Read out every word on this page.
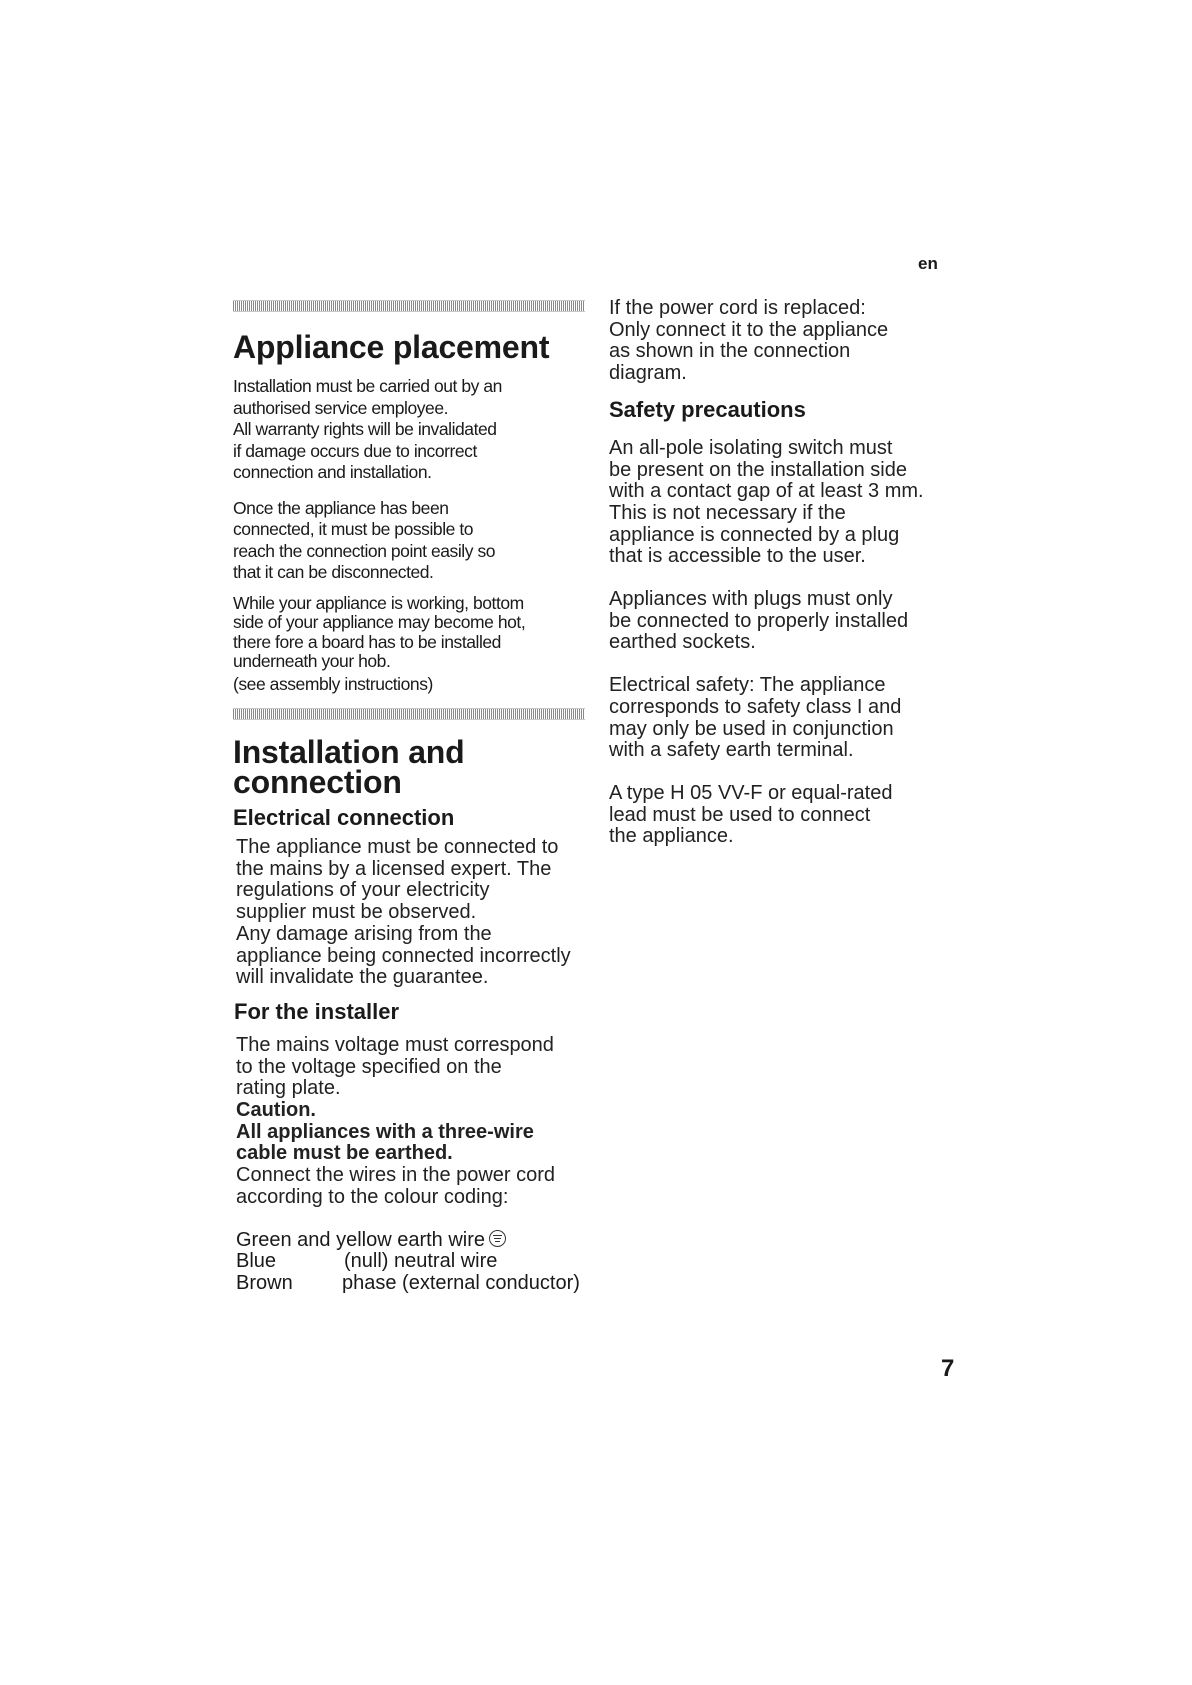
en
Appliance placement

Installation must be carried out by an
authorised service employee.
All warranty rights will be invalidated
if damage occurs due to incorrect
connection and installation.

Once the appliance has been
connected, it must be possible to
reach the connection point easily so
that it can be disconnected.

While your appliance is working, bottom
side of your appliance may become hot,
there fore a board has to be installed
underneath your hob.
(see assembly instructions)

Installation and
connection
Electrical connection

The appliance must be connected to
the mains by a licensed expert. The
regulations of your electricity
supplier must be observed.
Any damage arising from the
appliance being connected incorrectly
will invalidate the guarantee.

For the installer

The mains voltage must correspond
to the voltage specified on the
rating plate.
Caution.
All appliances with a three-wire
cable must be earthed.
Connect the wires in the power cord
according to the colour coding:

Green and yellow earth wire
Blue	(null) neutral wire
Brown phase (external conductor)

If the power cord is replaced:
Only connect it to the appliance
as shown in the connection
diagram.

Safety precautions

An all-pole isolating switch must
be present on the installation side
with a contact gap of at least 3 mm.
This is not necessary if the
appliance is connected by a plug
that is accessible to the user.

Appliances with plugs must only
be connected to properly installed
earthed sockets.

Electrical safety: The appliance
corresponds to safety class I and
may only be used in conjunction
with a safety earth terminal.

A type H 05 VV-F or equal-rated
lead must be used to connect
the appliance.

7
